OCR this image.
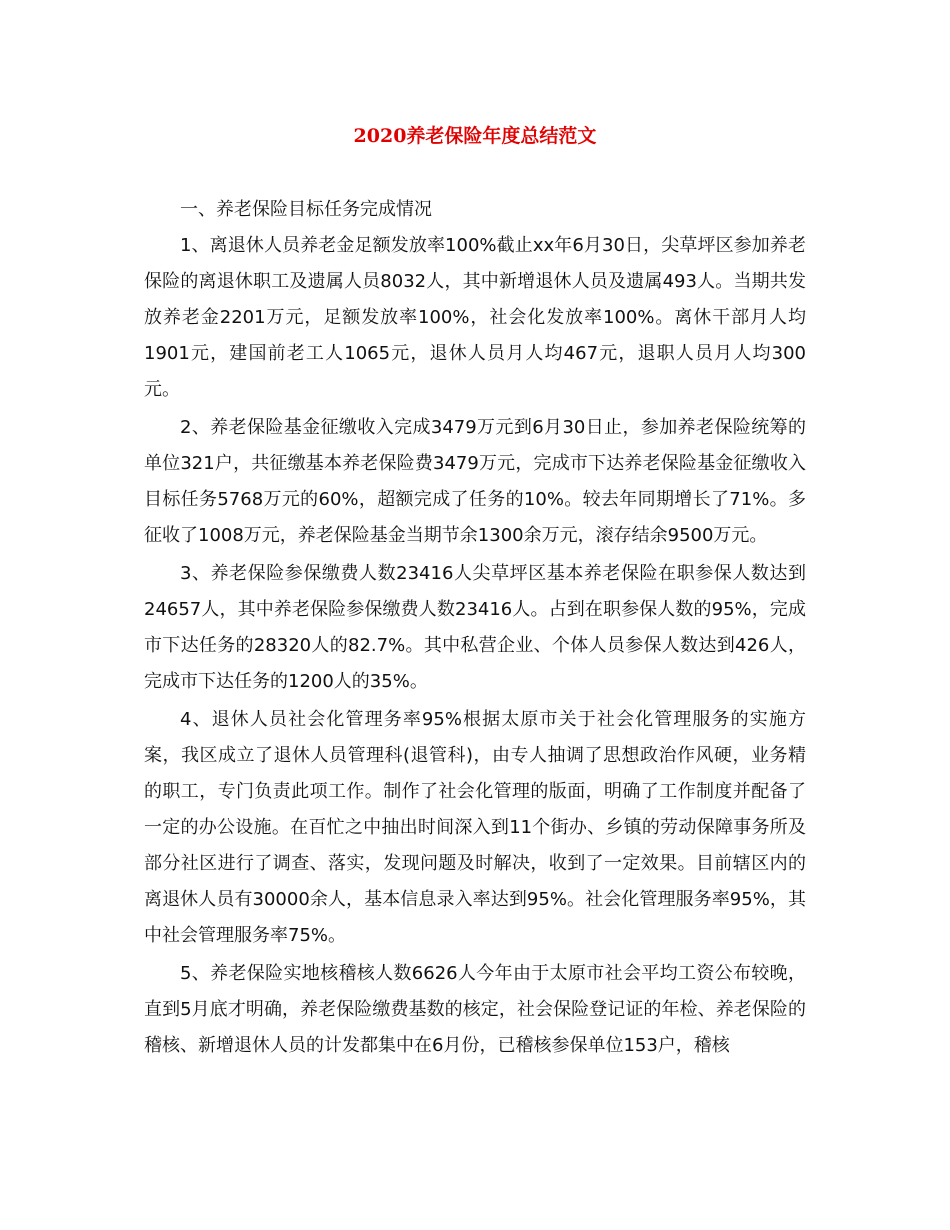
2020养老保险年度总结范文

一、养老保险目标任务完成情况

1、离退休人员养老金足额发放率100%截止xx年6月30日，尖草坪区参加养老保险的离退休职工及遗属人员8032人，其中新增退休人员及遗属493人。当期共发放养老金2201万元，足额发放率100%，社会化发放率100%。离休干部月人均1901元，建国前老工人1065元，退休人员月人均467元，退职人员月人均300元。

2、养老保险基金征缴收入完成3479万元到6月30日止，参加养老保险统筹的单位321户，共征缴基本养老保险费3479万元，完成市下达养老保险基金征缴收入目标任务5768万元的60%，超额完成了任务的10%。较去年同期增长了71%。多征收了1008万元，养老保险基金当期节余1300余万元，滚存结余9500万元。

3、养老保险参保缴费人数23416人尖草坪区基本养老保险在职参保人数达到24657人，其中养老保险参保缴费人数23416人。占到在职参保人数的95%，完成市下达任务的28320人的82.7%。其中私营企业、个体人员参保人数达到426人，完成市下达任务的1200人的35%。

4、退休人员社会化管理务率95%根据太原市关于社会化管理服务的实施方案，我区成立了退休人员管理科(退管科)，由专人抽调了思想政治作风硬，业务精的职工，专门负责此项工作。制作了社会化管理的版面，明确了工作制度并配备了一定的办公设施。在百忙之中抽出时间深入到11个街办、乡镇的劳动保障事务所及部分社区进行了调查、落实，发现问题及时解决，收到了一定效果。目前辖区内的离退休人员有30000余人，基本信息录入率达到95%。社会化管理服务率95%，其中社会管理服务率75%。

5、养老保险实地核稽核人数6626人今年由于太原市社会平均工资公布较晚，直到5月底才明确，养老保险缴费基数的核定，社会保险登记证的年检、养老保险的稽核、新增退休人员的计发都集中在6月份，已稽核参保单位153户，稽核
